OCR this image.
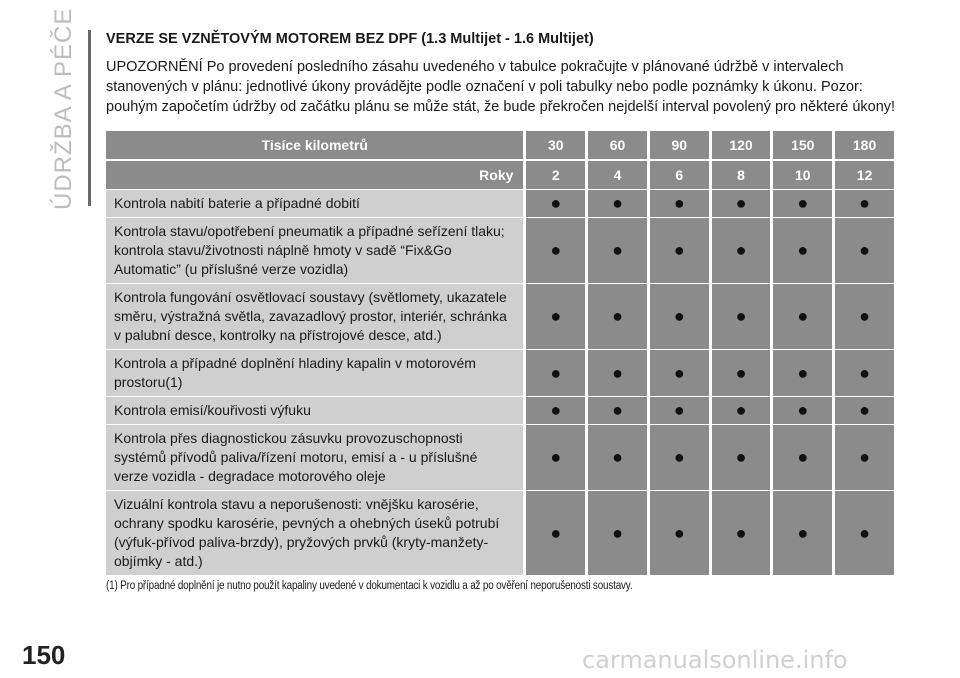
ÚDRŽBA A PÉČE
150
VERZE SE VZNĚTOVÝM MOTOREM BEZ DPF (1.3 Multijet - 1.6 Multijet)
UPOZORNĚNÍ Po provedení posledního zásahu uvedeného v tabulce pokračujte v plánované údržbě v intervalech stanovených v plánu: jednotlivé úkony provádějte podle označení v poli tabulky nebo podle poznámky k úkonu. Pozor: pouhým započetím údržby od začátku plánu se může stát, že bude překročen nejdelší interval povolený pro některé úkony!
Tisíce kilometrů	30	60	90	120	150	180

Roky	2	4	6	8	10	12
Kontrola nabití baterie a případné dobití	●	●	●	●	●	●
Kontrola stavu/opotřebení pneumatik a případné seřízení tlaku; kontrola stavu/životnosti náplně hmoty v sadě “Fix&Go Automatic” (u příslušné verze vozidla)	●	●	●	●	●	●
Kontrola fungování osvětlovací soustavy (světlomety, ukazatele směru, výstražná světla, zavazadlový prostor, interiér, schránka v palubní desce, kontrolky na přístrojové desce, atd.)	●	●	●	●	●	●
Kontrola a případné doplnění hladiny kapalin v motorovém prostoru(1)	●	●	●	●	●	●
Kontrola emisí/kouřivosti výfuku	●	●	●	●	●	●
Kontrola přes diagnostickou zásuvku provozuschopnosti systémů přívodů paliva/řízení motoru, emisí a - u příslušné verze vozidla - degradace motorového oleje	●	●	●	●	●	●
Vizuální kontrola stavu a neporušenosti: vnějšku karosérie, ochrany spodku karosérie, pevných a ohebných úseků potrubí (výfuk-přívod paliva-brzdy), pryžových prvků (kryty-manžety-objímky - atd.)	●	●	●	●	●	●
(1) Pro případné doplnění je nutno použít kapaliny uvedené v dokumentaci k vozidlu a až po ověření neporušenosti soustavy.
carmanualsonline.info
